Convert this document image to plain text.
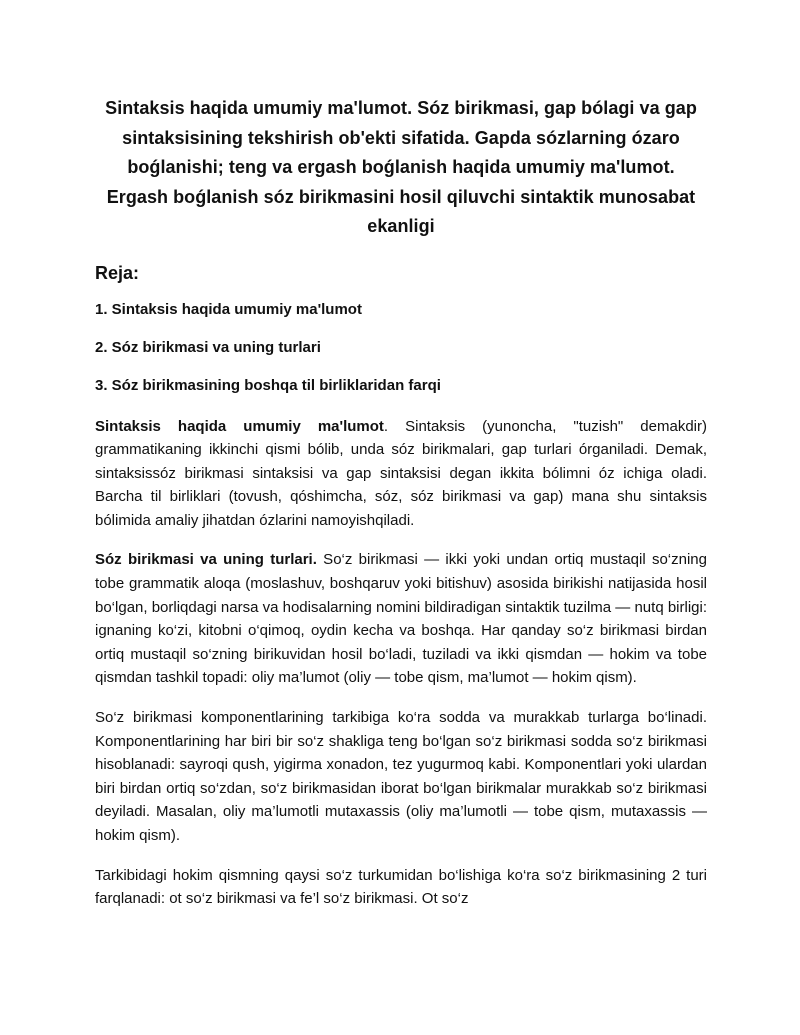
Sintaksis haqida umumiy ma'lumot. Sóz birikmasi, gap bólagi va gap sintaksisining tekshirish ob'ekti sifatida. Gapda sózlarning ózaro boǵlanishi; teng va ergash boǵlanish haqida umumiy ma'lumot. Ergash boǵlanish sóz birikmasini hosil qiluvchi sintaktik munosabat ekanligi
Reja:

1. Sintaksis haqida umumiy ma'lumot

2. Sóz birikmasi va uning turlari

3. Sóz birikmasining boshqa til birliklaridan farqi

Sintaksis haqida umumiy ma'lumot. Sintaksis (yunoncha, "tuzish" demakdir) grammatikaning ikkinchi qismi bólib, unda sóz birikmalari, gap turlari órganiladi. Demak, sintaksissóz birikmasi sintaksisi va gap sintaksisi degan ikkita bólimni óz ichiga oladi. Barcha til birliklari (tovush, qóshimcha, sóz, sóz birikmasi va gap) mana shu sintaksis bólimida amaliy jihatdan ózlarini namoyishqiladi.

Sóz birikmasi va uning turlari. So‘z birikmasi — ikki yoki undan ortiq mustaqil so‘zning tobe grammatik aloqa (moslashuv, boshqaruv yoki bitishuv) asosida birikishi natijasida hosil bo‘lgan, borliqdagi narsa va hodisalarning nomini bildiradigan sintaktik tuzilma — nutq birligi: ignaning ko‘zi, kitobni o‘qimoq, oydin kecha va boshqa. Har qanday so‘z birikmasi birdan ortiq mustaqil so‘zning birikuvidan hosil bo‘ladi, tuziladi va ikki qismdan — hokim va tobe qismdan tashkil topadi: oliy ma’lumot (oliy — tobe qism, ma’lumot — hokim qism).

So‘z birikmasi komponentlarining tarkibiga ko‘ra sodda va murakkab turlarga bo‘linadi. Komponentlarining har biri bir so‘z shakliga teng bo‘lgan so‘z birikmasi sodda so‘z birikmasi hisoblanadi: sayroqi qush, yigirma xonadon, tez yugurmoq kabi. Komponentlari yoki ulardan biri birdan ortiq so‘zdan, so‘z birikmasidan iborat bo‘lgan birikmalar murakkab so‘z birikmasi deyiladi. Masalan, oliy ma’lumotli mutaxassis (oliy ma’lumotli — tobe qism, mutaxassis — hokim qism).

Tarkibidagi hokim qismning qaysi so‘z turkumidan bo‘lishiga ko‘ra so‘z birikmasining 2 turi farqlanadi: ot so‘z birikmasi va fe’l so‘z birikmasi. Ot so‘z
